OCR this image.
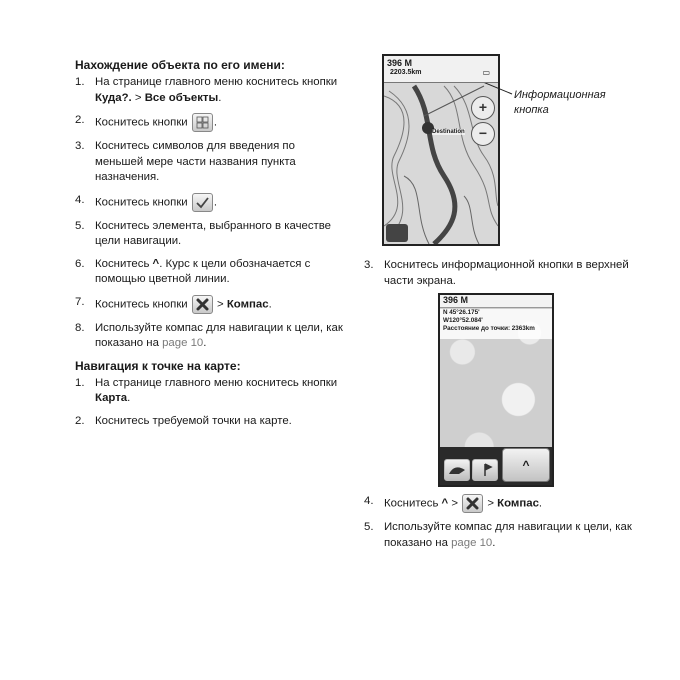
Нахождение объекта по его имени:
1. На странице главного меню коснитесь кнопки Куда?. > Все объекты.
2. Коснитесь кнопки
.
3. Коснитесь символов для введения по меньшей мере части названия пункта назначения.
4. Коснитесь кнопки
.
5. Коснитесь элемента, выбранного в качестве цели навигации.
6. Коснитесь ^. Курс к цели обозначается с помощью цветной линии.
7. Коснитесь кнопки
> Компас.
8. Используйте компас для навигации к цели, как показано на page 10.
Навигация к точке на карте:
1. На странице главного меню коснитесь кнопки Карта.
2. Коснитесь требуемой точки на карте.
396 М
2203.5km	▭
+
−
Destination
Информационная
кнопка
3. Коснитесь информационной кнопки в верхней части экрана.
4. Коснитесь ^ >
> Компас.
5. Используйте компас для навигации к цели, как показано на page 10.
396 М
N 45°26.175'
W120°52.084'
Расстояние до точки: 2363km
^
